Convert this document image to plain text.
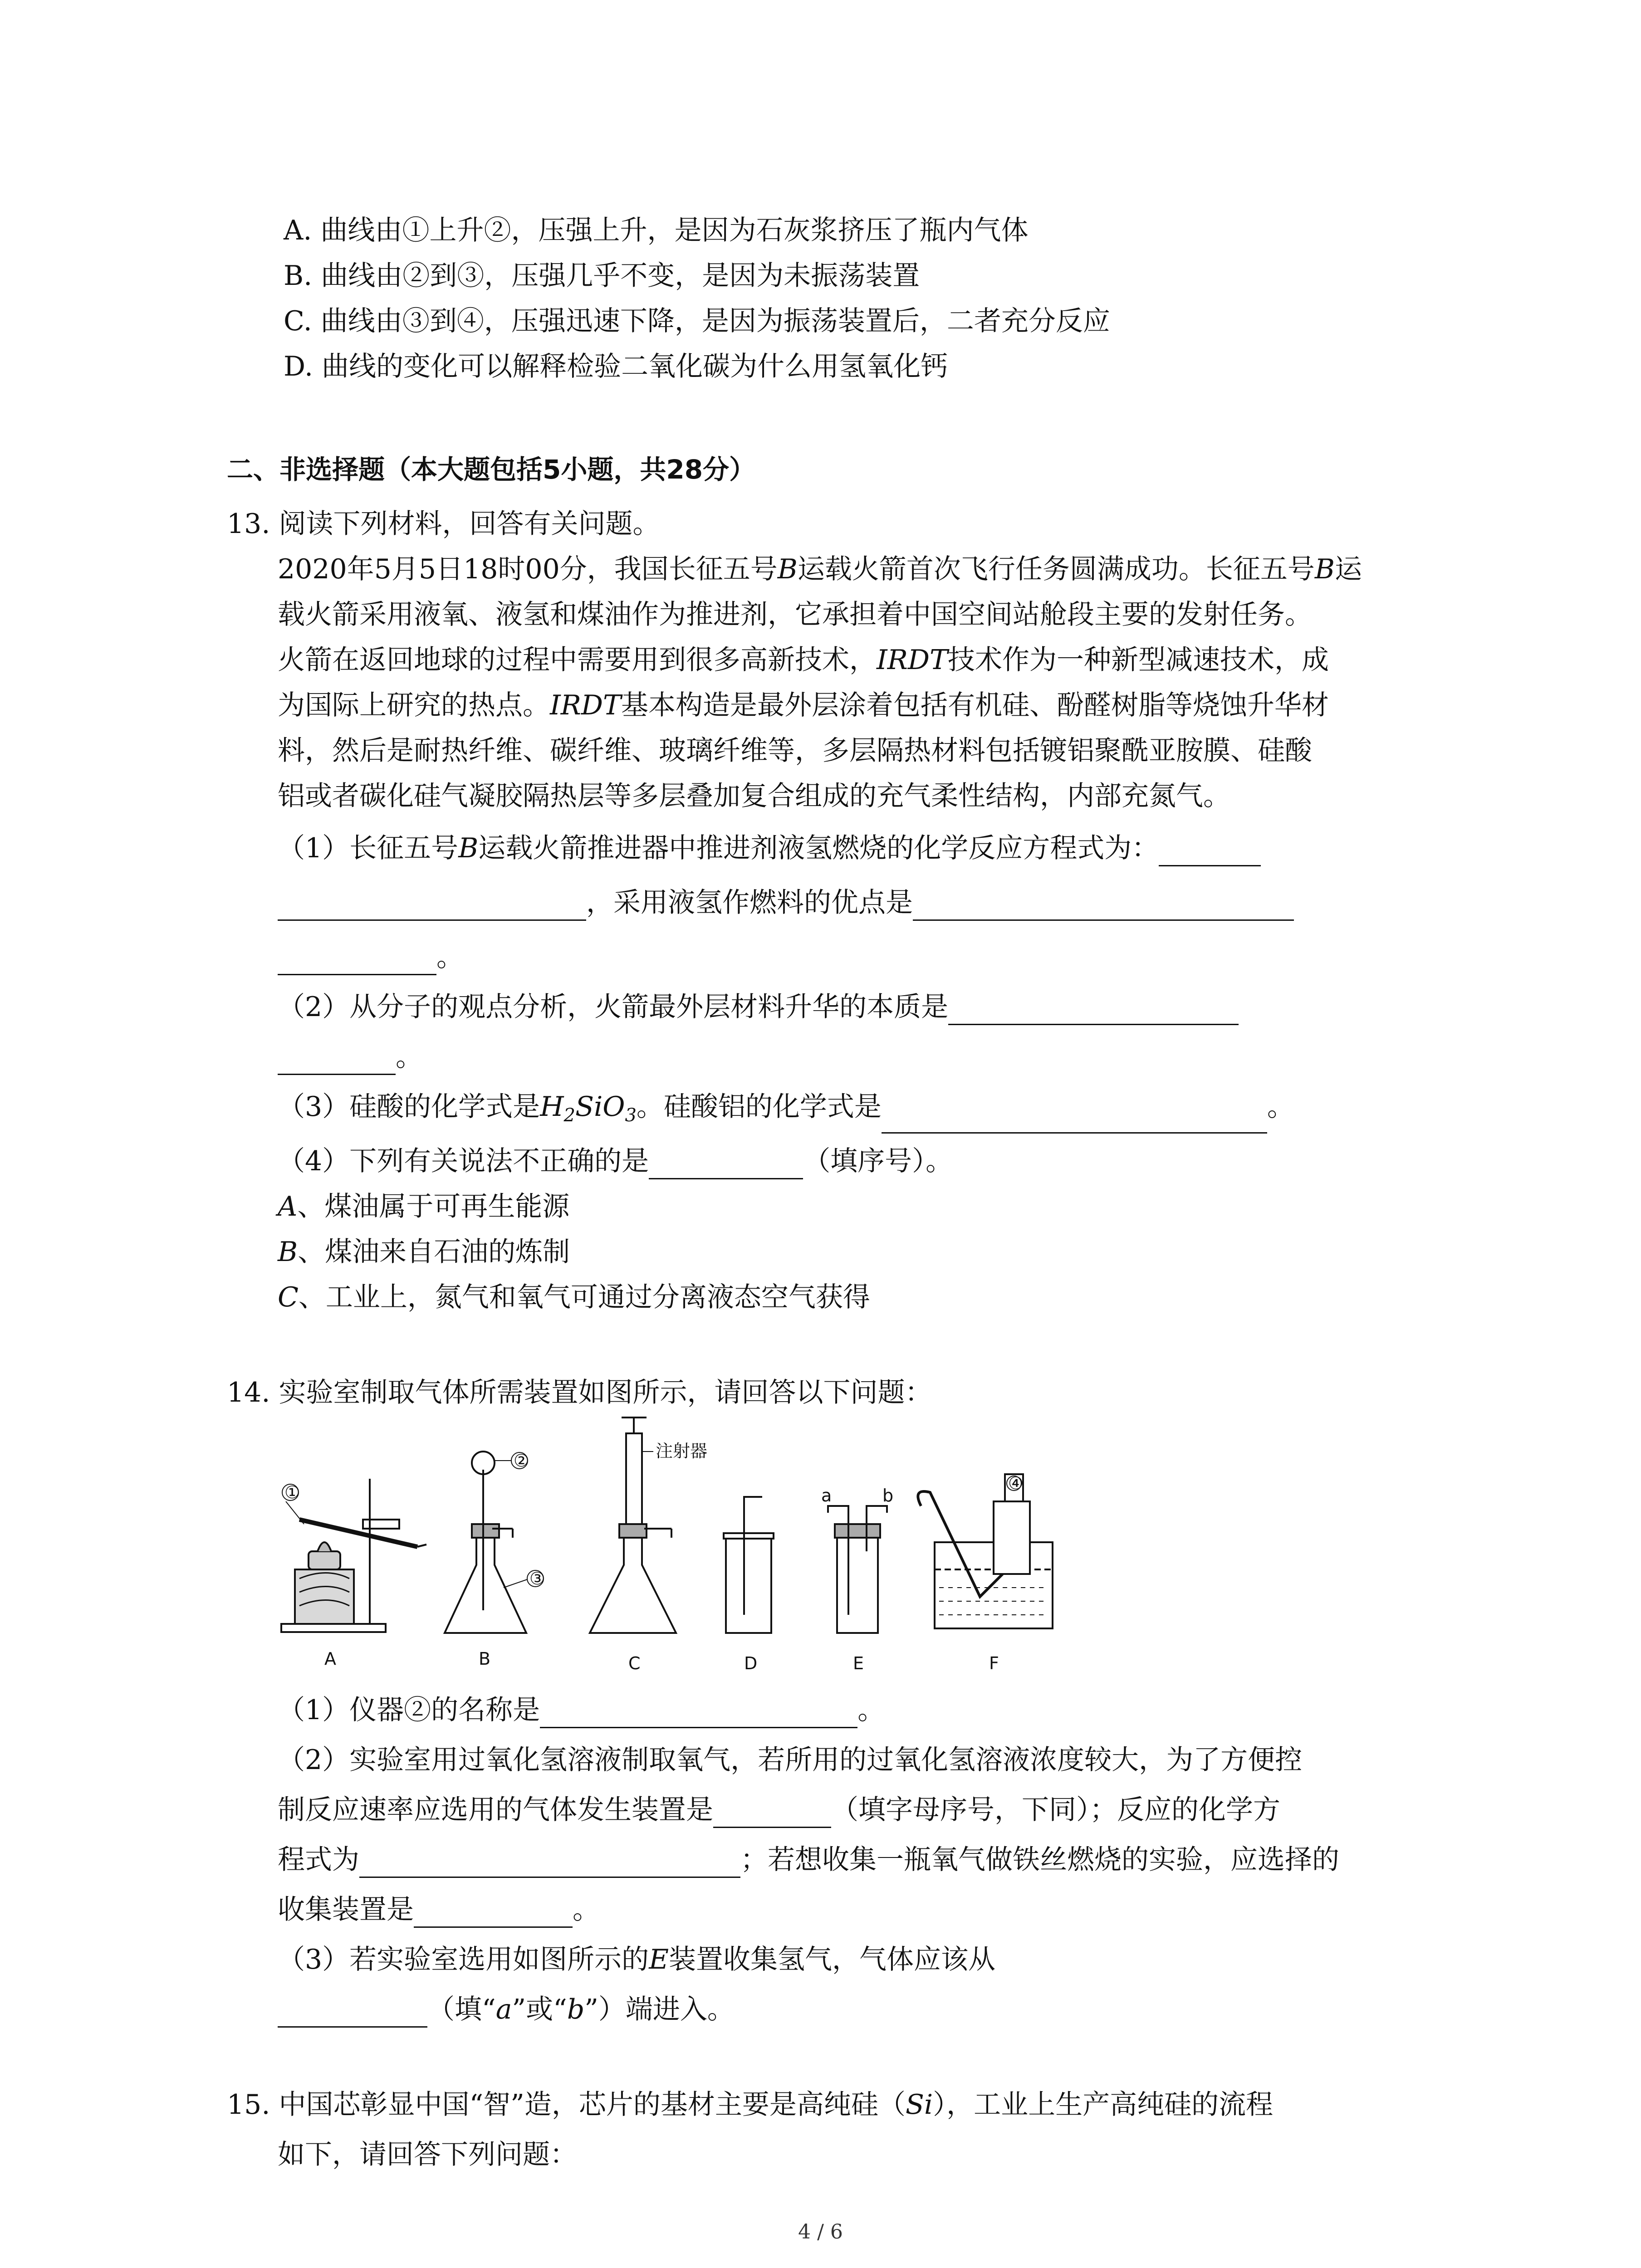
A. 曲线由①上升②，压强上升，是因为石灰浆挤压了瓶内气体
B. 曲线由②到③，压强几乎不变，是因为未振荡装置
C. 曲线由③到④，压强迅速下降，是因为振荡装置后，二者充分反应
D. 曲线的变化可以解释检验二氧化碳为什么用氢氧化钙
二、非选择题（本大题包括5小题，共28分）
13. 阅读下列材料，回答有关问题。
2020年5月5日18时00分，我国长征五号B运载火箭首次飞行任务圆满成功。长征五号B运
载火箭采用液氧、液氢和煤油作为推进剂，它承担着中国空间站舱段主要的发射任务。
火箭在返回地球的过程中需要用到很多高新技术，IRDT技术作为一种新型减速技术，成
为国际上研究的热点。IRDT基本构造是最外层涂着包括有机硅、酚醛树脂等烧蚀升华材
料，然后是耐热纤维、碳纤维、玻璃纤维等，多层隔热材料包括镀铝聚酰亚胺膜、硅酸
铝或者碳化硅气凝胶隔热层等多层叠加复合组成的充气柔性结构，内部充氮气。
（1）长征五号B运载火箭推进器中推进剂液氢燃烧的化学反应方程式为：
，采用液氢作燃料的优点是
。
（2）从分子的观点分析，火箭最外层材料升华的本质是
。
（3）硅酸的化学式是$H_2SiO_3$。硅酸铝的化学式是	。
（4）下列有关说法不正确的是	（填序号）。
A、煤油属于可再生能源
B、煤油来自石油的炼制
C、工业上，氮气和氧气可通过分离液态空气获得
14. 实验室制取气体所需装置如图所示，请回答以下问题：
①
②
③
④
注射器
a	b
A	B	C	D	E	F
（1）仪器②的名称是	。
（2）实验室用过氧化氢溶液制取氧气，若所用的过氧化氢溶液浓度较大，为了方便控
制反应速率应选用的气体发生装置是	（填字母序号，下同）；反应的化学方
程式为	；若想收集一瓶氧气做铁丝燃烧的实验，应选择的
收集装置是	。
（3）若实验室选用如图所示的E装置收集氢气，气体应该从
（填“a”或“b”）端进入。
15. 中国芯彰显中国“智”造，芯片的基材主要是高纯硅（Si），工业上生产高纯硅的流程
如下，请回答下列问题：
4 / 6
